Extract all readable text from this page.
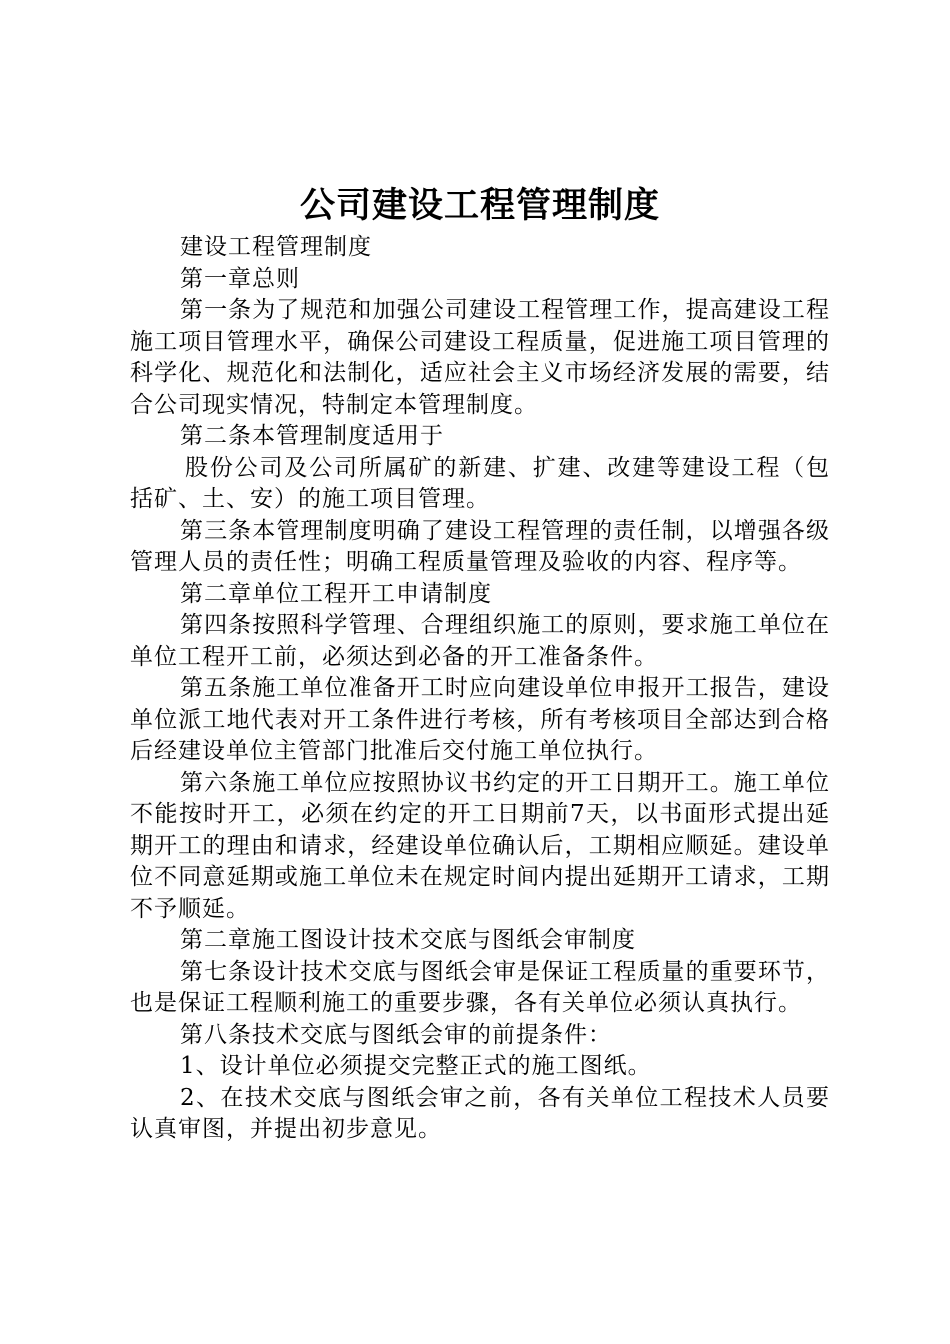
公司建设工程管理制度

建设工程管理制度

第一章总则

第一条为了规范和加强公司建设工程管理工作，提高建设工程施工项目管理水平，确保公司建设工程质量，促进施工项目管理的科学化、规范化和法制化，适应社会主义市场经济发展的需要，结合公司现实情况，特制定本管理制度。

第二条本管理制度适用于

股份公司及公司所属矿的新建、扩建、改建等建设工程（包括矿、土、安）的施工项目管理。

第三条本管理制度明确了建设工程管理的责任制，以增强各级管理人员的责任性；明确工程质量管理及验收的内容、程序等。

第二章单位工程开工申请制度

第四条按照科学管理、合理组织施工的原则，要求施工单位在单位工程开工前，必须达到必备的开工准备条件。

第五条施工单位准备开工时应向建设单位申报开工报告，建设单位派工地代表对开工条件进行考核，所有考核项目全部达到合格后经建设单位主管部门批准后交付施工单位执行。

第六条施工单位应按照协议书约定的开工日期开工。施工单位不能按时开工，必须在约定的开工日期前7天，以书面形式提出延期开工的理由和请求，经建设单位确认后，工期相应顺延。建设单位不同意延期或施工单位未在规定时间内提出延期开工请求，工期不予顺延。

第二章施工图设计技术交底与图纸会审制度

第七条设计技术交底与图纸会审是保证工程质量的重要环节，也是保证工程顺利施工的重要步骤，各有关单位必须认真执行。

第八条技术交底与图纸会审的前提条件：

1、设计单位必须提交完整正式的施工图纸。

2、在技术交底与图纸会审之前，各有关单位工程技术人员要认真审图，并提出初步意见。
